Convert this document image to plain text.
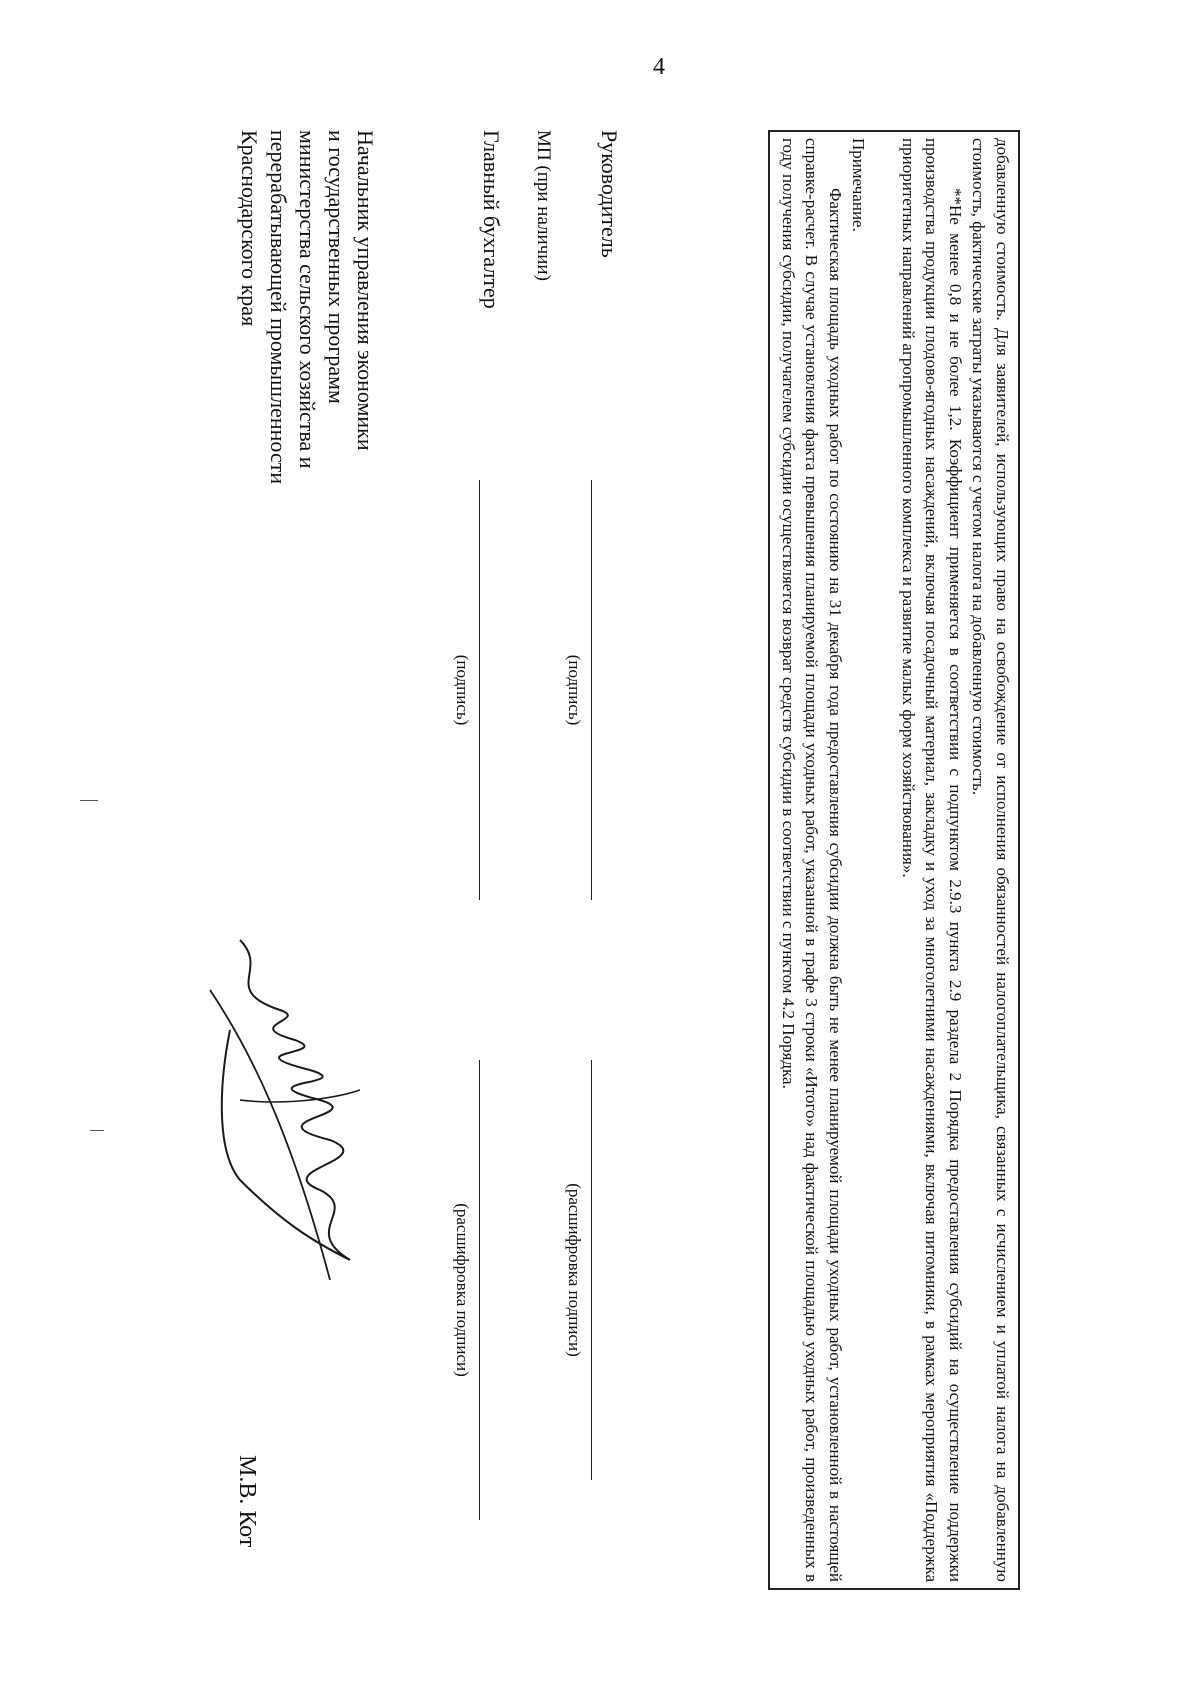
4

добавленную стоимость. Для заявителей, использующих право на освобождение от исполнения обязанностей налогоплательщика, связанных с исчислением и уплатой налога на добавленную стоимость, фактические затраты указываются с учетом налога на добавленную стоимость.

**Не менее 0,8 и не более 1,2. Коэффициент применяется в соответствии с подпунктом 2.9.3 пункта 2.9 раздела 2 Порядка предоставления субсидий на осуществление поддержки производства продукции плодово-ягодных насаждений, включая посадочный материал, закладку и уход за многолетними насаждениями, включая питомники, в рамках мероприятия «Поддержка приоритетных направлений агропромышленного комплекса и развитие малых форм хозяйствования».

Примечание.

Фактическая площадь уходных работ по состоянию на 31 декабря года предоставления субсидии должна быть не менее планируемой площади уходных работ, установленной в настоящей справке-расчет. В случае установления факта превышения планируемой площади уходных работ, указанной в графе 3 строки «Итого» над фактической площадью уходных работ, произведенных в году получения субсидии, получателем субсидии осуществляется возврат средств субсидии в соответствии с пунктом 4.2 Порядка.

Руководитель
(подпись)
(расшифровка подписи)
МП (при наличии)
Главный бухгалтер
(подпись)
(расшифровка подписи)
Начальник управления экономики
и государственных программ
министерства сельского хозяйства и
перерабатывающей промышленности
Краснодарского края
М.В. Кот
